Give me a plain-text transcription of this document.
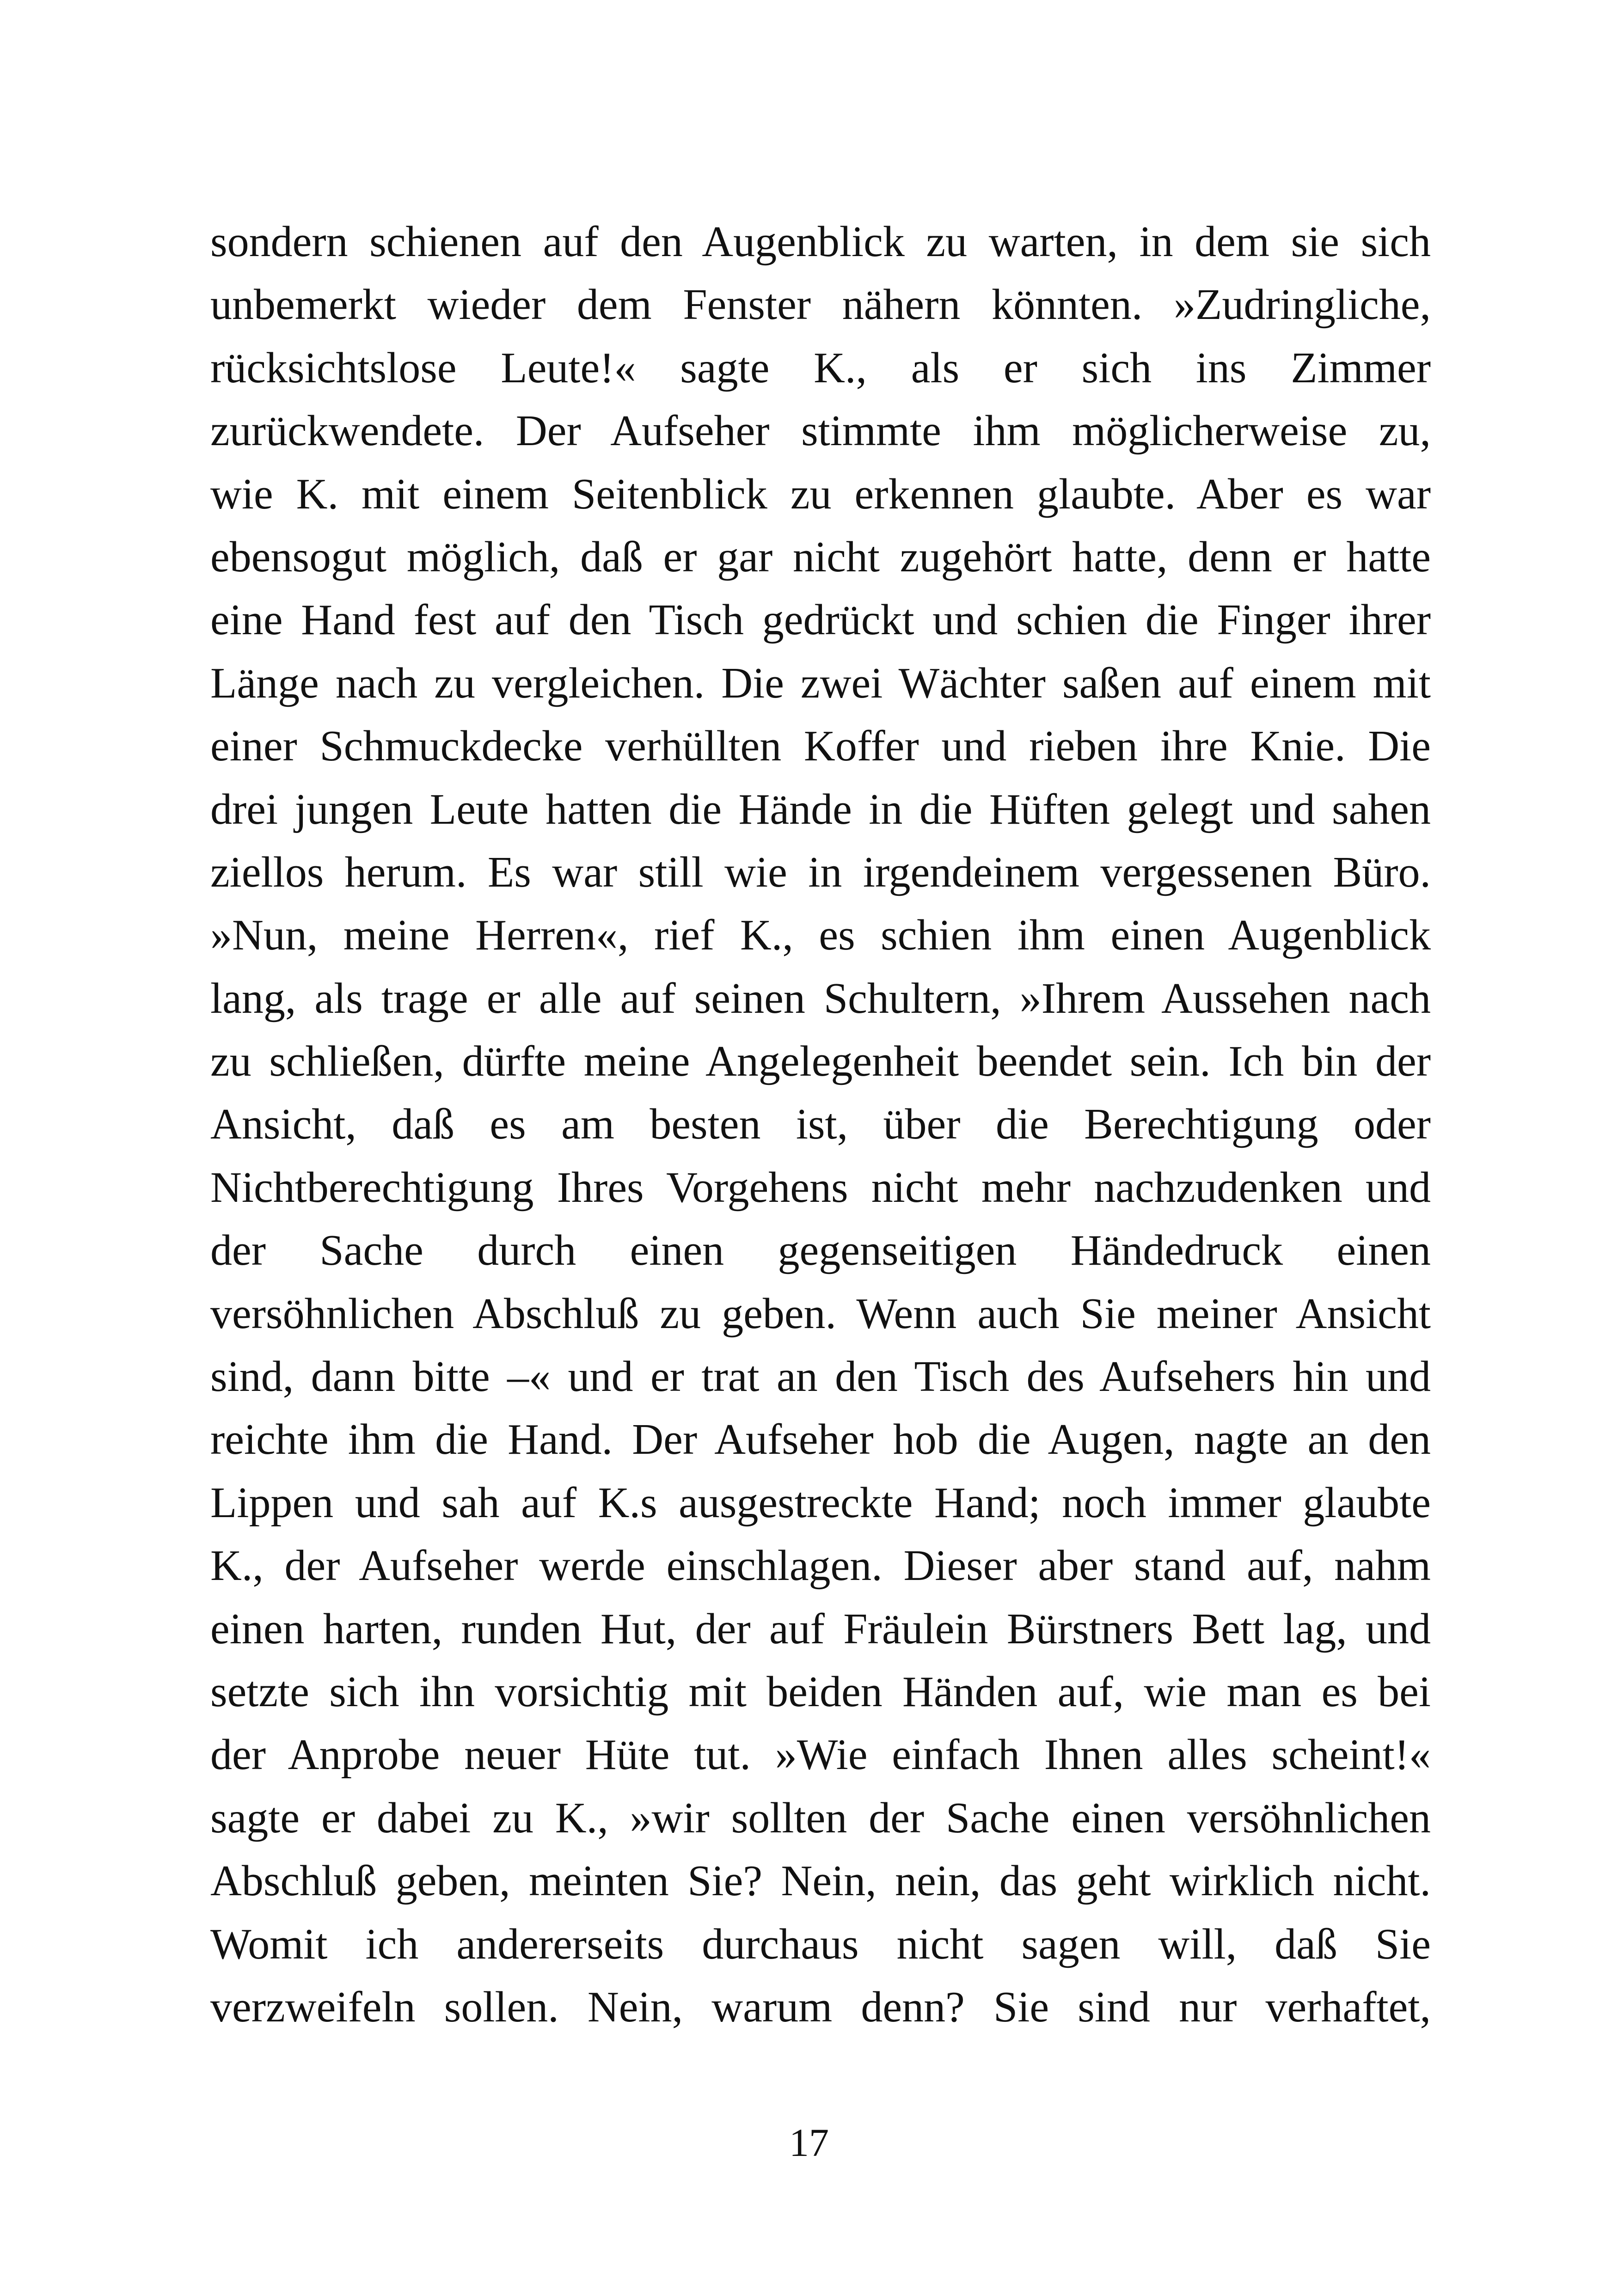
sondern schienen auf den Augenblick zu warten, in dem sie sich
unbemerkt wieder dem Fenster nähern könnten. »Zudringliche,
rücksichtslose Leute!« sagte K., als er sich ins Zimmer
zurückwendete. Der Aufseher stimmte ihm möglicherweise zu,
wie K. mit einem Seitenblick zu erkennen glaubte. Aber es war
ebensogut möglich, daß er gar nicht zugehört hatte, denn er hatte
eine Hand fest auf den Tisch gedrückt und schien die Finger ihrer
Länge nach zu vergleichen. Die zwei Wächter saßen auf einem mit
einer Schmuckdecke verhüllten Koffer und rieben ihre Knie. Die
drei jungen Leute hatten die Hände in die Hüften gelegt und sahen
ziellos herum. Es war still wie in irgendeinem vergessenen Büro.
»Nun, meine Herren«, rief K., es schien ihm einen Augenblick
lang, als trage er alle auf seinen Schultern, »Ihrem Aussehen nach
zu schließen, dürfte meine Angelegenheit beendet sein. Ich bin der
Ansicht, daß es am besten ist, über die Berechtigung oder
Nichtberechtigung Ihres Vorgehens nicht mehr nachzudenken und
der Sache durch einen gegenseitigen Händedruck einen
versöhnlichen Abschluß zu geben. Wenn auch Sie meiner Ansicht
sind, dann bitte –« und er trat an den Tisch des Aufsehers hin und
reichte ihm die Hand. Der Aufseher hob die Augen, nagte an den
Lippen und sah auf K.s ausgestreckte Hand; noch immer glaubte
K., der Aufseher werde einschlagen. Dieser aber stand auf, nahm
einen harten, runden Hut, der auf Fräulein Bürstners Bett lag, und
setzte sich ihn vorsichtig mit beiden Händen auf, wie man es bei
der Anprobe neuer Hüte tut. »Wie einfach Ihnen alles scheint!«
sagte er dabei zu K., »wir sollten der Sache einen versöhnlichen
Abschluß geben, meinten Sie? Nein, nein, das geht wirklich nicht.
Womit ich andererseits durchaus nicht sagen will, daß Sie
verzweifeln sollen. Nein, warum denn? Sie sind nur verhaftet,
17
